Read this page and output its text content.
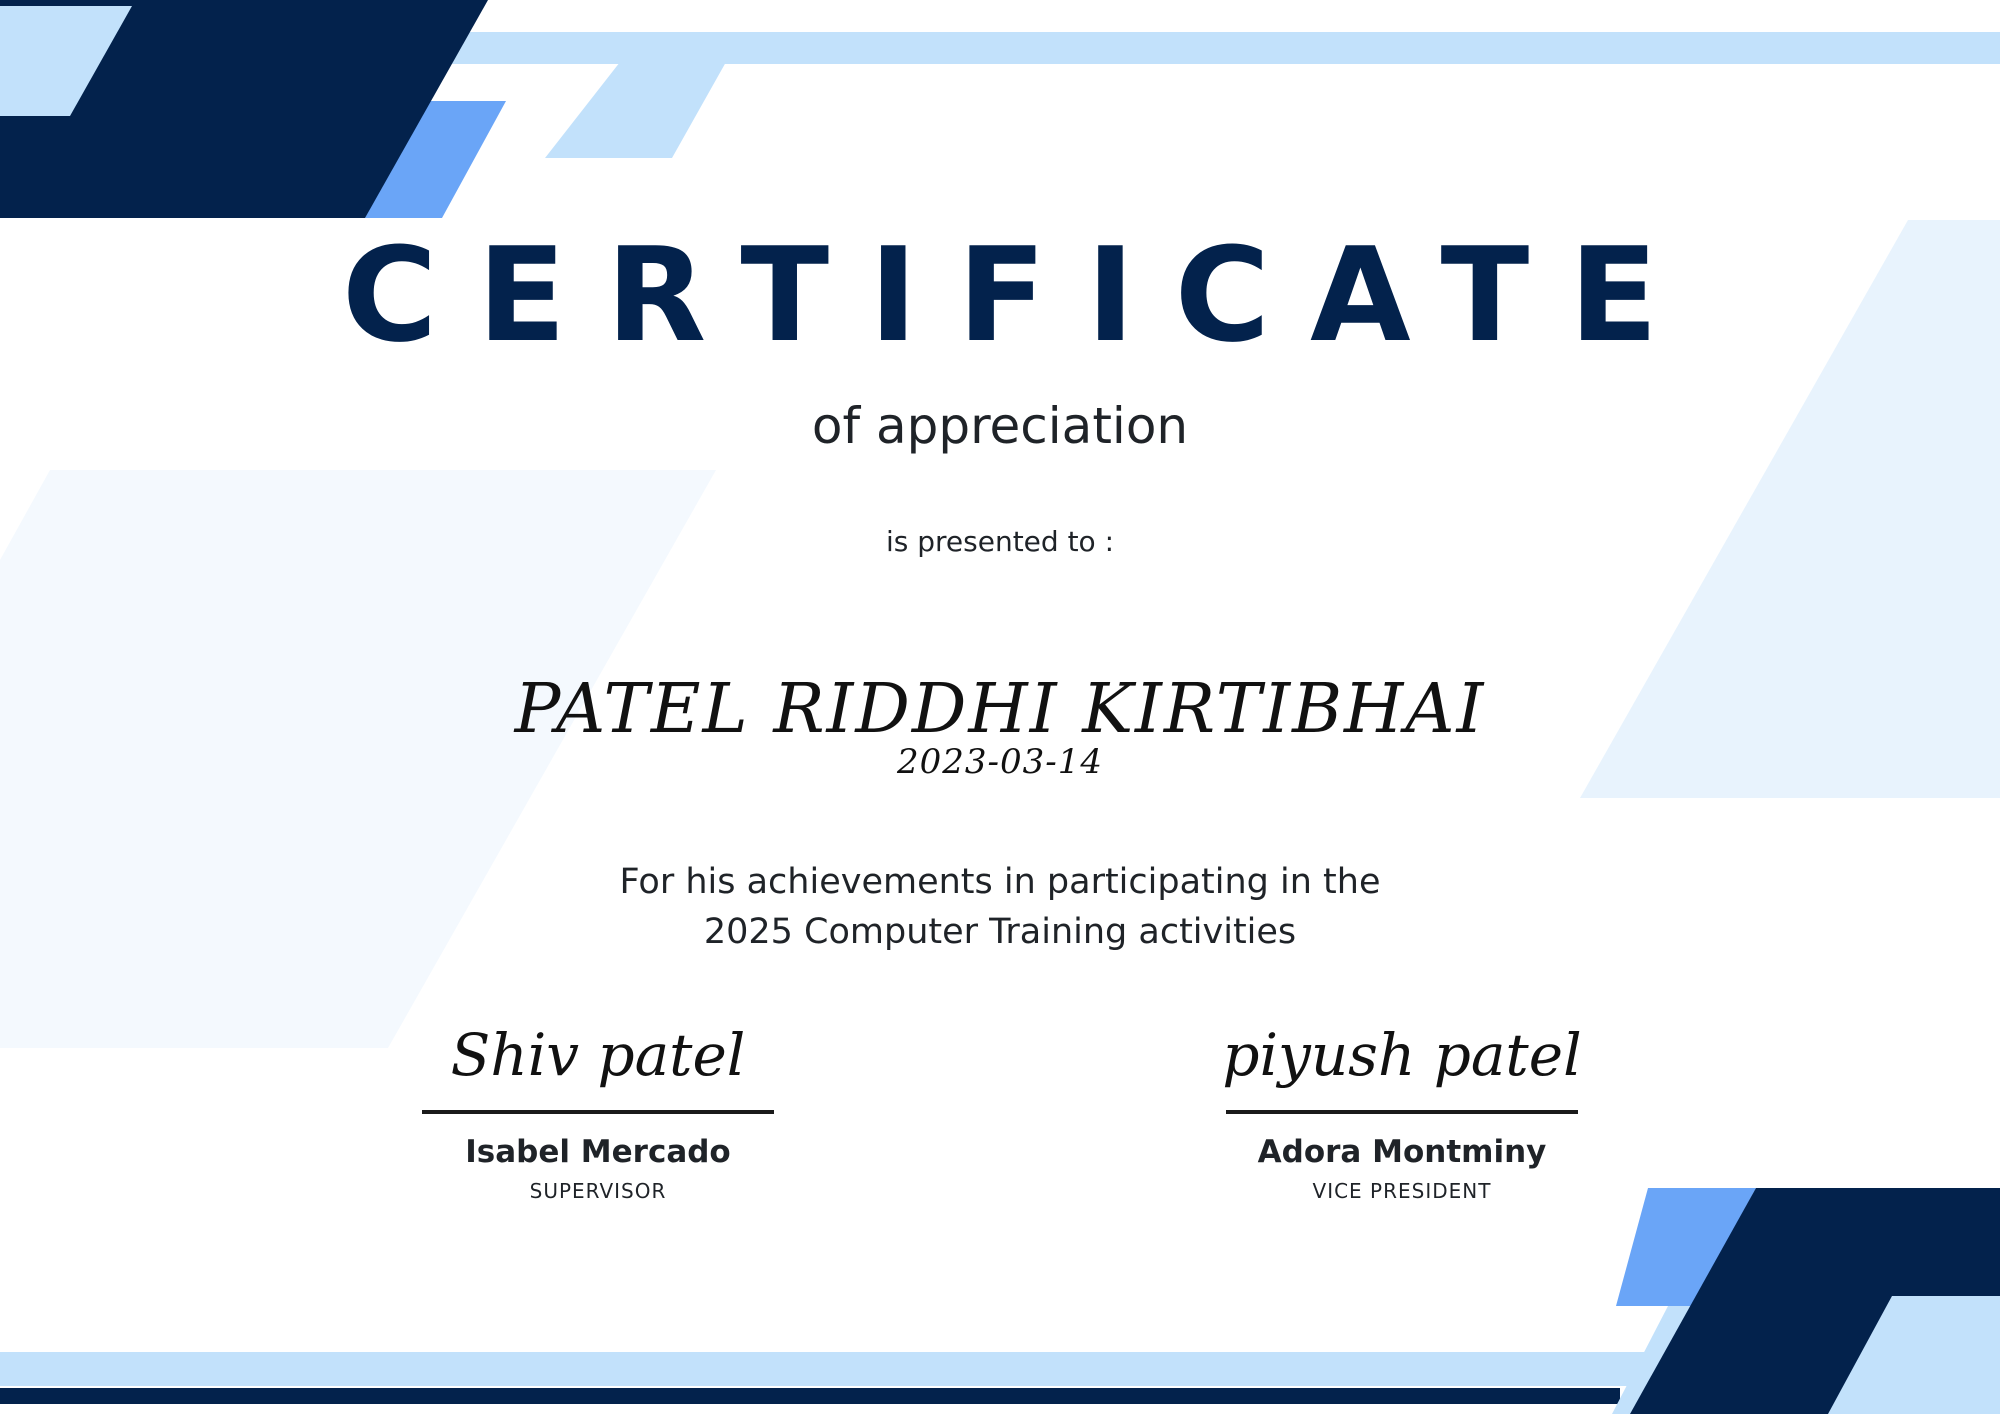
CERTIFICATE
of appreciation
is presented to :
PATEL RIDDHI KIRTIBHAI
2023-03-14
For his achievements in participating in the
2025 Computer Training activities
Shiv patel
Isabel Mercado
SUPERVISOR
piyush patel
Adora Montminy
VICE PRESIDENT
